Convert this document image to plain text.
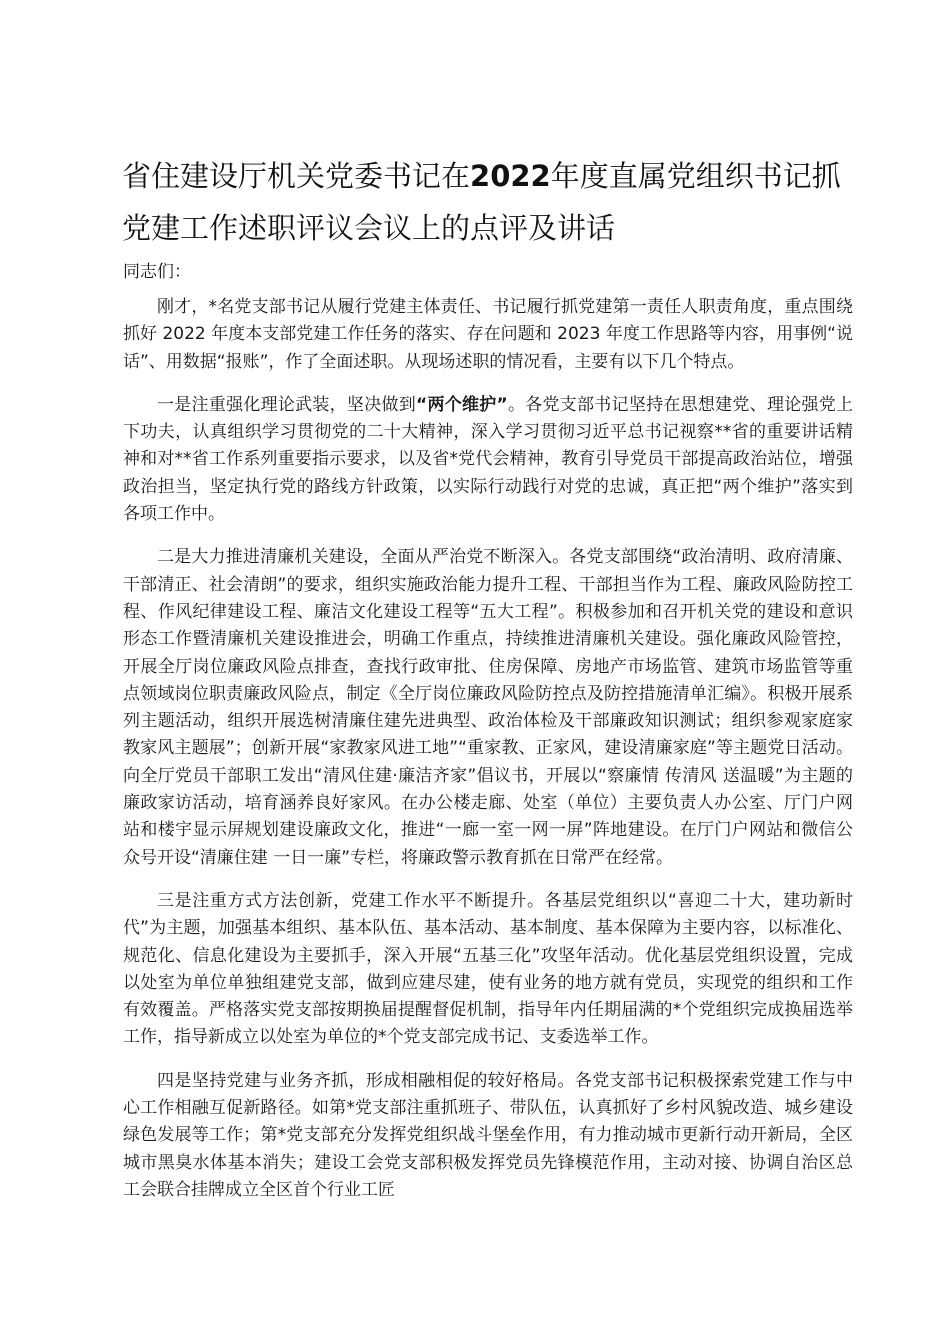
省住建设厅机关党委书记在2022年度直属党组织书记抓党建工作述职评议会议上的点评及讲话

同志们：

刚才，*名党支部书记从履行党建主体责任、书记履行抓党建第一责任人职责角度，重点围绕抓好 2022 年度本支部党建工作任务的落实、存在问题和 2023 年度工作思路等内容，用事例“说话”、用数据“报账”，作了全面述职。从现场述职的情况看，主要有以下几个特点。

一是注重强化理论武装，坚决做到“两个维护”。各党支部书记坚持在思想建党、理论强党上下功夫，认真组织学习贯彻党的二十大精神，深入学习贯彻习近平总书记视察**省的重要讲话精神和对**省工作系列重要指示要求，以及省*党代会精神，教育引导党员干部提高政治站位，增强政治担当，坚定执行党的路线方针政策，以实际行动践行对党的忠诚，真正把“两个维护”落实到各项工作中。

二是大力推进清廉机关建设，全面从严治党不断深入。各党支部围绕“政治清明、政府清廉、干部清正、社会清朗”的要求，组织实施政治能力提升工程、干部担当作为工程、廉政风险防控工程、作风纪律建设工程、廉洁文化建设工程等“五大工程”。积极参加和召开机关党的建设和意识形态工作暨清廉机关建设推进会，明确工作重点，持续推进清廉机关建设。强化廉政风险管控，开展全厅岗位廉政风险点排查，查找行政审批、住房保障、房地产市场监管、建筑市场监管等重点领域岗位职责廉政风险点，制定《全厅岗位廉政风险防控点及防控措施清单汇编》。积极开展系列主题活动，组织开展选树清廉住建先进典型、政治体检及干部廉政知识测试；组织参观家庭家教家风主题展”；创新开展“家教家风进工地”“重家教、正家风，建设清廉家庭”等主题党日活动。向全厅党员干部职工发出“清风住建·廉洁齐家”倡议书，开展以“察廉情 传清风 送温暖”为主题的廉政家访活动，培育涵养良好家风。在办公楼走廊、处室（单位）主要负责人办公室、厅门户网站和楼宇显示屏规划建设廉政文化，推进“一廊一室一网一屏”阵地建设。在厅门户网站和微信公众号开设“清廉住建 一日一廉”专栏，将廉政警示教育抓在日常严在经常。

三是注重方式方法创新，党建工作水平不断提升。各基层党组织以“喜迎二十大，建功新时代”为主题，加强基本组织、基本队伍、基本活动、基本制度、基本保障为主要内容，以标准化、规范化、信息化建设为主要抓手，深入开展“五基三化”攻坚年活动。优化基层党组织设置，完成以处室为单位单独组建党支部，做到应建尽建，使有业务的地方就有党员，实现党的组织和工作有效覆盖。严格落实党支部按期换届提醒督促机制，指导年内任期届满的*个党组织完成换届选举工作，指导新成立以处室为单位的*个党支部完成书记、支委选举工作。

四是坚持党建与业务齐抓，形成相融相促的较好格局。各党支部书记积极探索党建工作与中心工作相融互促新路径。如第*党支部注重抓班子、带队伍，认真抓好了乡村风貌改造、城乡建设绿色发展等工作；第*党支部充分发挥党组织战斗堡垒作用，有力推动城市更新行动开新局，全区城市黑臭水体基本消失；建设工会党支部积极发挥党员先锋模范作用，主动对接、协调自治区总工会联合挂牌成立全区首个行业工匠
